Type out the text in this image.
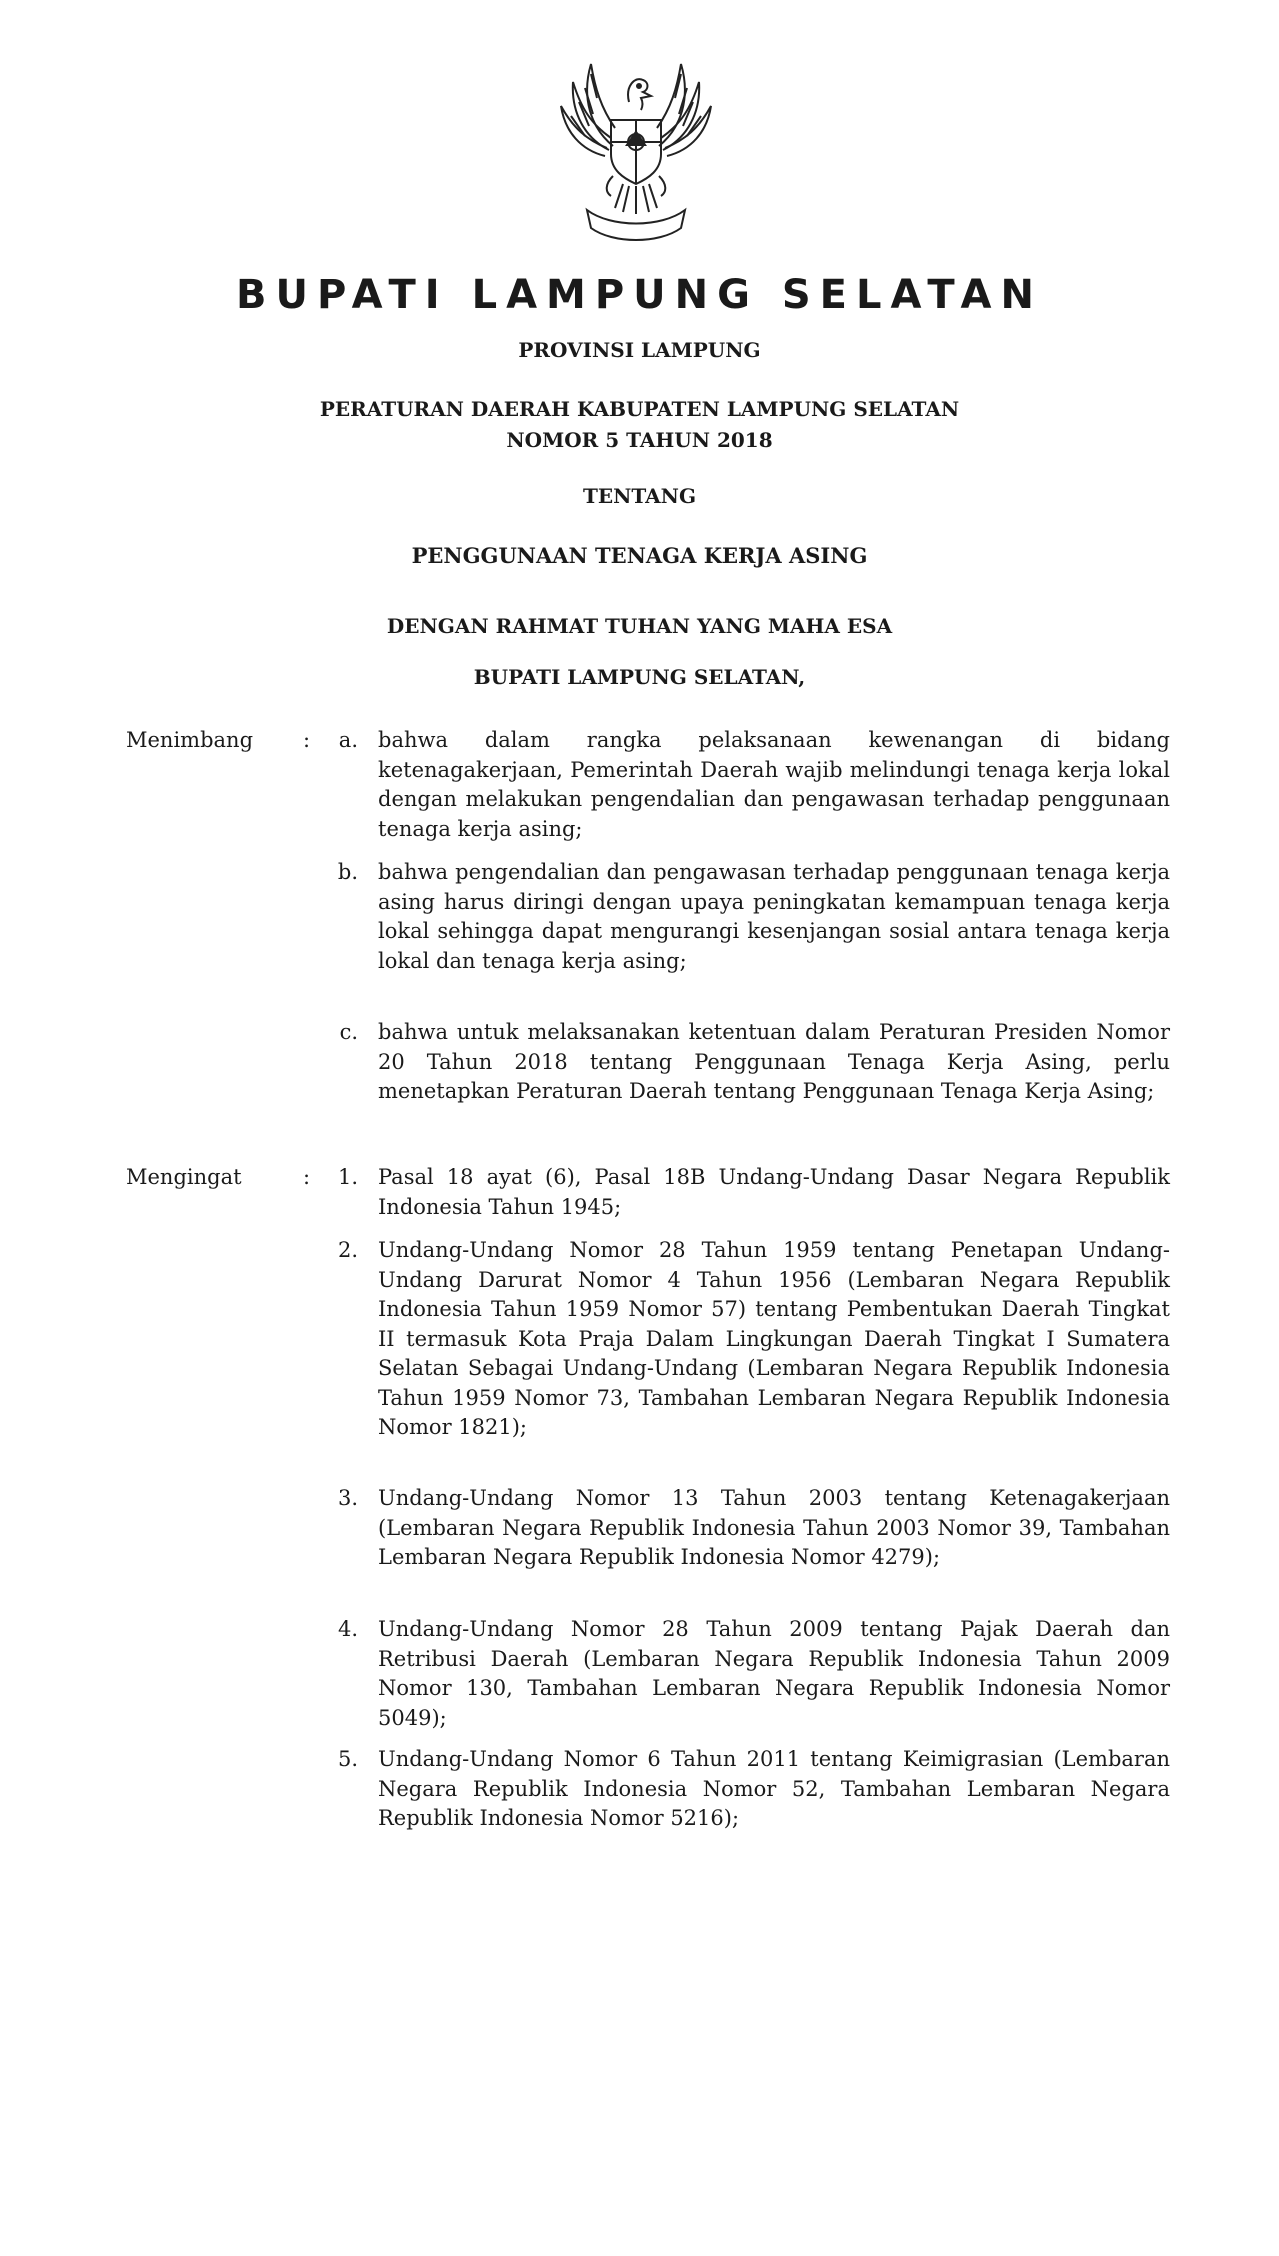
BUPATI LAMPUNG SELATAN
PROVINSI LAMPUNG
PERATURAN DAERAH KABUPATEN LAMPUNG SELATAN
NOMOR 5 TAHUN 2018
TENTANG
PENGGUNAAN TENAGA KERJA ASING
DENGAN RAHMAT TUHAN YANG MAHA ESA
BUPATI LAMPUNG SELATAN,
Menimbang :	a. bahwa dalam rangka pelaksanaan kewenangan di bidang ketenagakerjaan, Pemerintah Daerah wajib melindungi tenaga kerja lokal dengan melakukan pengendalian dan pengawasan terhadap penggunaan tenaga kerja asing;
b. bahwa pengendalian dan pengawasan terhadap penggunaan tenaga kerja asing harus diringi dengan upaya peningkatan kemampuan tenaga kerja lokal sehingga dapat mengurangi kesenjangan sosial antara tenaga kerja lokal dan tenaga kerja asing;
c. bahwa untuk melaksanakan ketentuan dalam Peraturan Presiden Nomor 20 Tahun 2018 tentang Penggunaan Tenaga Kerja Asing, perlu menetapkan Peraturan Daerah tentang Penggunaan Tenaga Kerja Asing;
Mengingat	:	1. Pasal 18 ayat (6), Pasal 18B Undang-Undang Dasar Negara Republik Indonesia Tahun 1945;
2. Undang-Undang Nomor 28 Tahun 1959 tentang Penetapan Undang- Undang Darurat Nomor 4 Tahun 1956 (Lembaran Negara Republik Indonesia Tahun 1959 Nomor 57) tentang Pembentukan Daerah Tingkat II termasuk Kota Praja Dalam Lingkungan Daerah Tingkat I Sumatera Selatan Sebagai Undang-Undang (Lembaran Negara Republik Indonesia Tahun 1959 Nomor 73, Tambahan Lembaran Negara Republik Indonesia Nomor 1821);
3. Undang-Undang Nomor 13 Tahun 2003 tentang Ketenagakerjaan (Lembaran Negara Republik Indonesia Tahun 2003 Nomor 39, Tambahan Lembaran Negara Republik Indonesia Nomor 4279);
4. Undang-Undang Nomor 28 Tahun 2009 tentang Pajak Daerah dan Retribusi Daerah (Lembaran Negara Republik Indonesia Tahun 2009 Nomor 130, Tambahan Lembaran Negara Republik Indonesia Nomor 5049);
5. Undang-Undang Nomor 6 Tahun 2011 tentang Keimigrasian (Lembaran Negara Republik Indonesia Nomor 52, Tambahan Lembaran Negara Republik Indonesia Nomor 5216);
